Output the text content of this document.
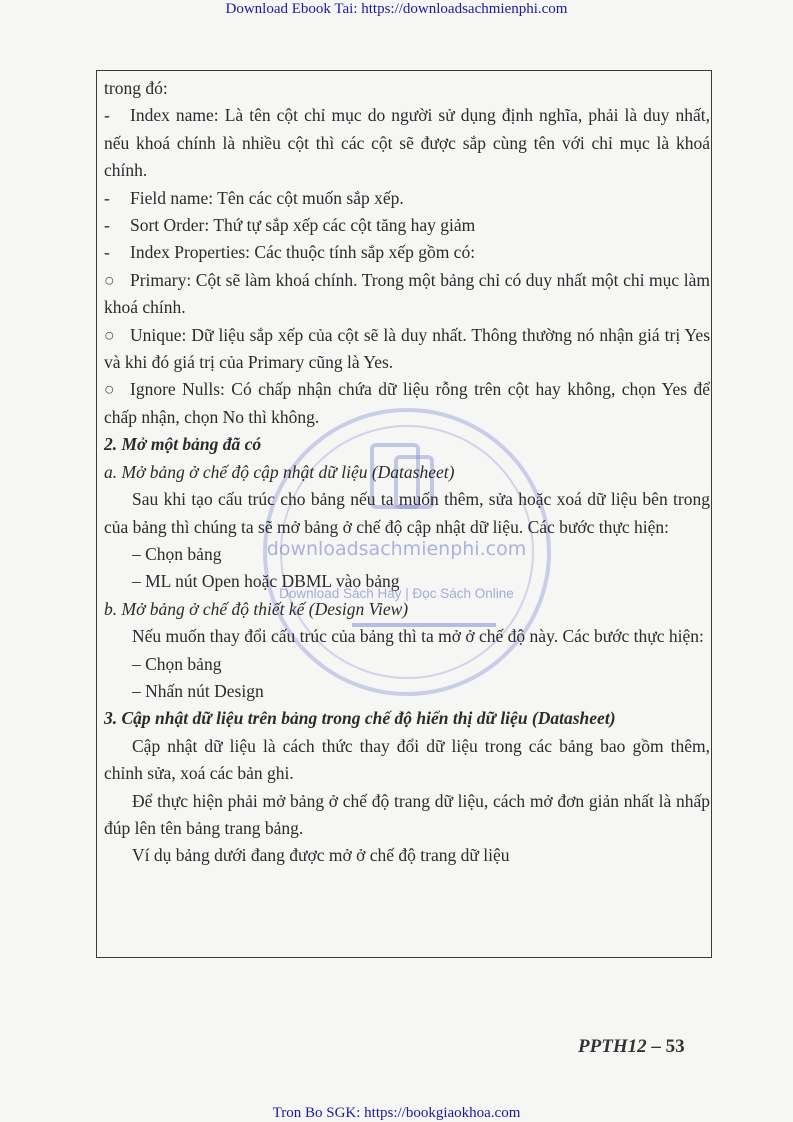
Download Ebook Tai: https://downloadsachmienphi.com
downloadsachmienphi.com
Download Sách Hay | Đọc Sách Online

trong đó:

- Index name: Là tên cột chỉ mục do người sử dụng định nghĩa, phải là duy nhất, nếu khoá chính là nhiều cột thì các cột sẽ được sắp cùng tên với chỉ mục là khoá chính.

- Field name: Tên các cột muốn sắp xếp.

- Sort Order: Thứ tự sắp xếp các cột tăng hay giảm

- Index Properties: Các thuộc tính sắp xếp gồm có:

○ Primary: Cột sẽ làm khoá chính. Trong một bảng chỉ có duy nhất một chỉ mục làm khoá chính.

○ Unique: Dữ liệu sắp xếp của cột sẽ là duy nhất. Thông thường nó nhận giá trị Yes và khi đó giá trị của Primary cũng là Yes.

○ Ignore Nulls: Có chấp nhận chứa dữ liệu rỗng trên cột hay không, chọn Yes để chấp nhận, chọn No thì không.

2. Mở một bảng đã có

a. Mở bảng ở chế độ cập nhật dữ liệu (Datasheet)

Sau khi tạo cấu trúc cho bảng nếu ta muốn thêm, sửa hoặc xoá dữ liệu bên trong của bảng thì chúng ta sẽ mở bảng ở chế độ cập nhật dữ liệu. Các bước thực hiện:

– Chọn bảng

– ML nút Open hoặc DBML vào bảng

b. Mở bảng ở chế độ thiết kế (Design View)

Nếu muốn thay đổi cấu trúc của bảng thì ta mở ở chế độ này. Các bước thực hiện:

– Chọn bảng

– Nhấn nút Design

3. Cập nhật dữ liệu trên bảng trong chế độ hiển thị dữ liệu (Datasheet)

Cập nhật dữ liệu là cách thức thay đổi dữ liệu trong các bảng bao gồm thêm, chỉnh sửa, xoá các bản ghi.

Để thực hiện phải mở bảng ở chế độ trang dữ liệu, cách mở đơn giản nhất là nhấp đúp lên tên bảng trang bảng.

Ví dụ bảng dưới đang được mở ở chế độ trang dữ liệu

PPTH12 – 53
Tron Bo SGK: https://bookgiaokhoa.com
